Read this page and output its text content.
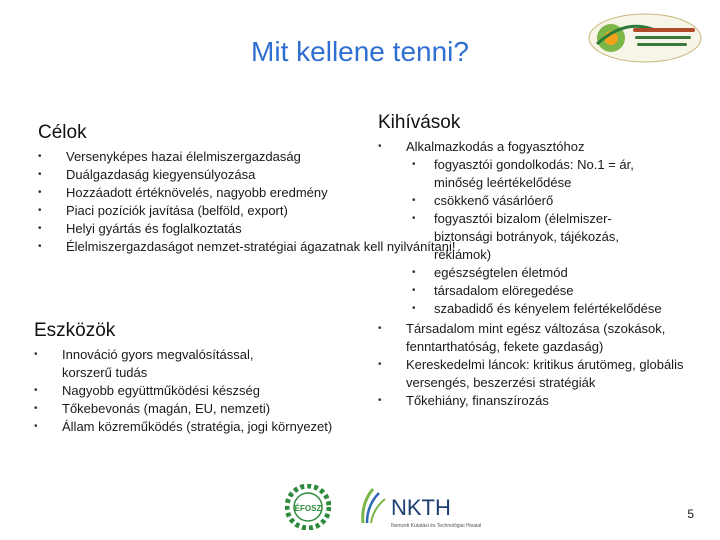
Mit kellene tenni?
Célok
• Versenyképes hazai élelmiszergazdaság
• Duálgazdaság kiegyensúlyozása
• Hozzáadott értéknövelés, nagyobb eredmény
• Piaci pozíciók javítása (belföld, export)
• Helyi gyártás és foglalkoztatás
• Élelmiszergazdaságot nemzet-stratégiai ágazatnak kell nyilvánítani!
Eszközök
• Innováció gyors megvalósítással, korszerű tudás
• Nagyobb együttműködési készség
• Tőkebevonás (magán, EU, nemzeti)
• Állam közreműködés (stratégia, jogi környezet)
Kihívások
• Alkalmazkodás a fogyasztóhoz
• fogyasztói gondolkodás: No.1 = ár, minőség leértékelődése
• csökkenő vásárlóerő
• fogyasztói bizalom (élelmiszer-biztonsági botrányok, tájékozás, reklámok)
• egészségtelen életmód
• társadalom elöregedése
• szabadidő és kényelem felértékelődése
• Társadalom mint egész változása (szokások, fenntarthatóság, fekete gazdaság)
• Kereskedelmi láncok: kritikus árutömeg, globális versengés, beszerzési stratégiák
• Tőkehiány, finanszírozás
ÉFOSZ	NKTH
Nemzeti Kutatási és Technológiai Hivatal
5
